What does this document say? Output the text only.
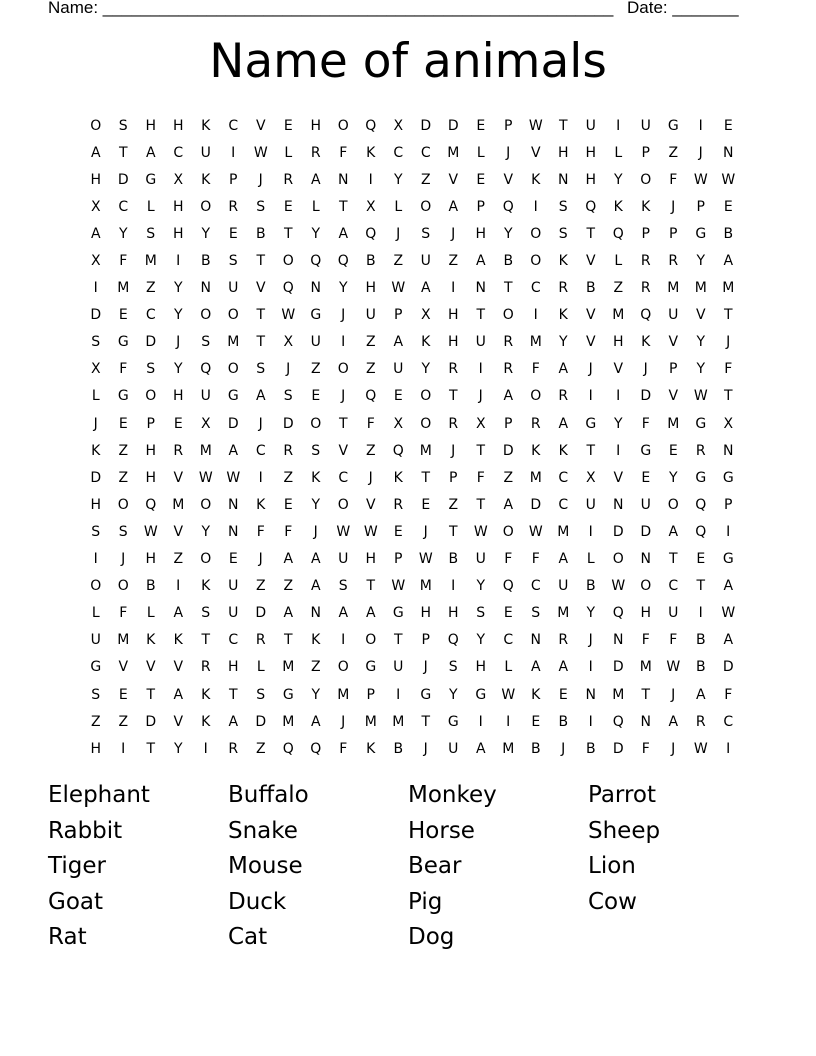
Name: ______________________________________________________ Date: _______
Name of animals
O	S	H	H	K	C	V	E	H	O	Q	X	D	D	E	P	W	T	U	I	U	G	I	E
A	T	A	C	U	I	W	L	R	F	K	C	C	M	L	J	V	H	H	L	P	Z	J	N
H	D	G	X	K	P	J	R	A	N	I	Y	Z	V	E	V	K	N	H	Y	O	F	W W
X	C	L	H	O	R	S	E	L	T	X	L	O	A	P	Q	I	S	Q	K	K	J	P	E
A	Y	S	H	Y	E	B	T	Y	A	Q	J	S	J	H	Y	O	S	T	Q	P	P	G	B
X	F	M	I	B	S	T	O	Q	Q	B	Z	U	Z	A	B	O	K	V	L	R	R	Y	A
I	M	Z	Y	N	U	V	Q	N	Y	H	W	A	I	N	T	C	R	B	Z	R	M	M	M
D	E	C	Y	O	O	T	W	G	J	U	P	X	H	T	O	I	K	V	M	Q	U	V	T
S	G	D	J	S	M	T	X	U	I	Z	A	K	H	U	R	M	Y	V	H	K	V	Y	J
X	F	S	Y	Q	O	S	J	Z	O	Z	U	Y	R	I	R	F	A	J	V	J	P	Y	F
L	G	O	H	U	G	A	S	E	J	Q	E	O	T	J	A	O	R	I	I	D	V	W	T
J	E	P	E	X	D	J	D	O	T	F	X	O	R	X	P	R	A	G	Y	F	M	G	X
K	Z	H	R	M	A	C	R	S	V	Z	Q	M	J	T	D	K	K	T	I	G	E	R	N
D	Z	H	V	W W	I	Z	K	C	J	K	T	P	F	Z	M	C	X	V	E	Y	G	G
H	O	Q	M	O	N	K	E	Y	O	V	R	E	Z	T	A	D	C	U	N	U	O	Q	P
S	S	W	V	Y	N	F	F	J	W W	E	J	T	W	O	W	M	I	D	D	A	Q	I
I	J	H	Z	O	E	J	A	A	U	H	P	W	B	U	F	F	A	L	O	N	T	E	G
O	O	B	I	K	U	Z	Z	A	S	T	W	M	I	Y	Q	C	U	B	W	O	C	T	A
L	F	L	A	S	U	D	A	N	A	A	G	H	H	S	E	S	M	Y	Q	H	U	I	W
U	M	K	K	T	C	R	T	K	I	O	T	P	Q	Y	C	N	R	J	N	F	F	B	A
G	V	V	V	R	H	L	M	Z	O	G	U	J	S	H	L	A	A	I	D	M	W	B	D
S	E	T	A	K	T	S	G	Y	M	P	I	G	Y	G	W	K	E	N	M	T	J	A	F
Z	Z	D	V	K	A	D	M	A	J	M	M	T	G	I	I	E	B	I	Q	N	A	R	C
H	I	T	Y	I	R	Z	Q	Q	F	K	B	J	U	A	M	B	J	B	D	F	J	W	I
Elephant	Buffalo	Monkey	Parrot
Rabbit	Snake	Horse	Sheep
Tiger	Mouse	Bear	Lion
Goat	Duck	Pig	Cow
Rat	Cat	Dog
